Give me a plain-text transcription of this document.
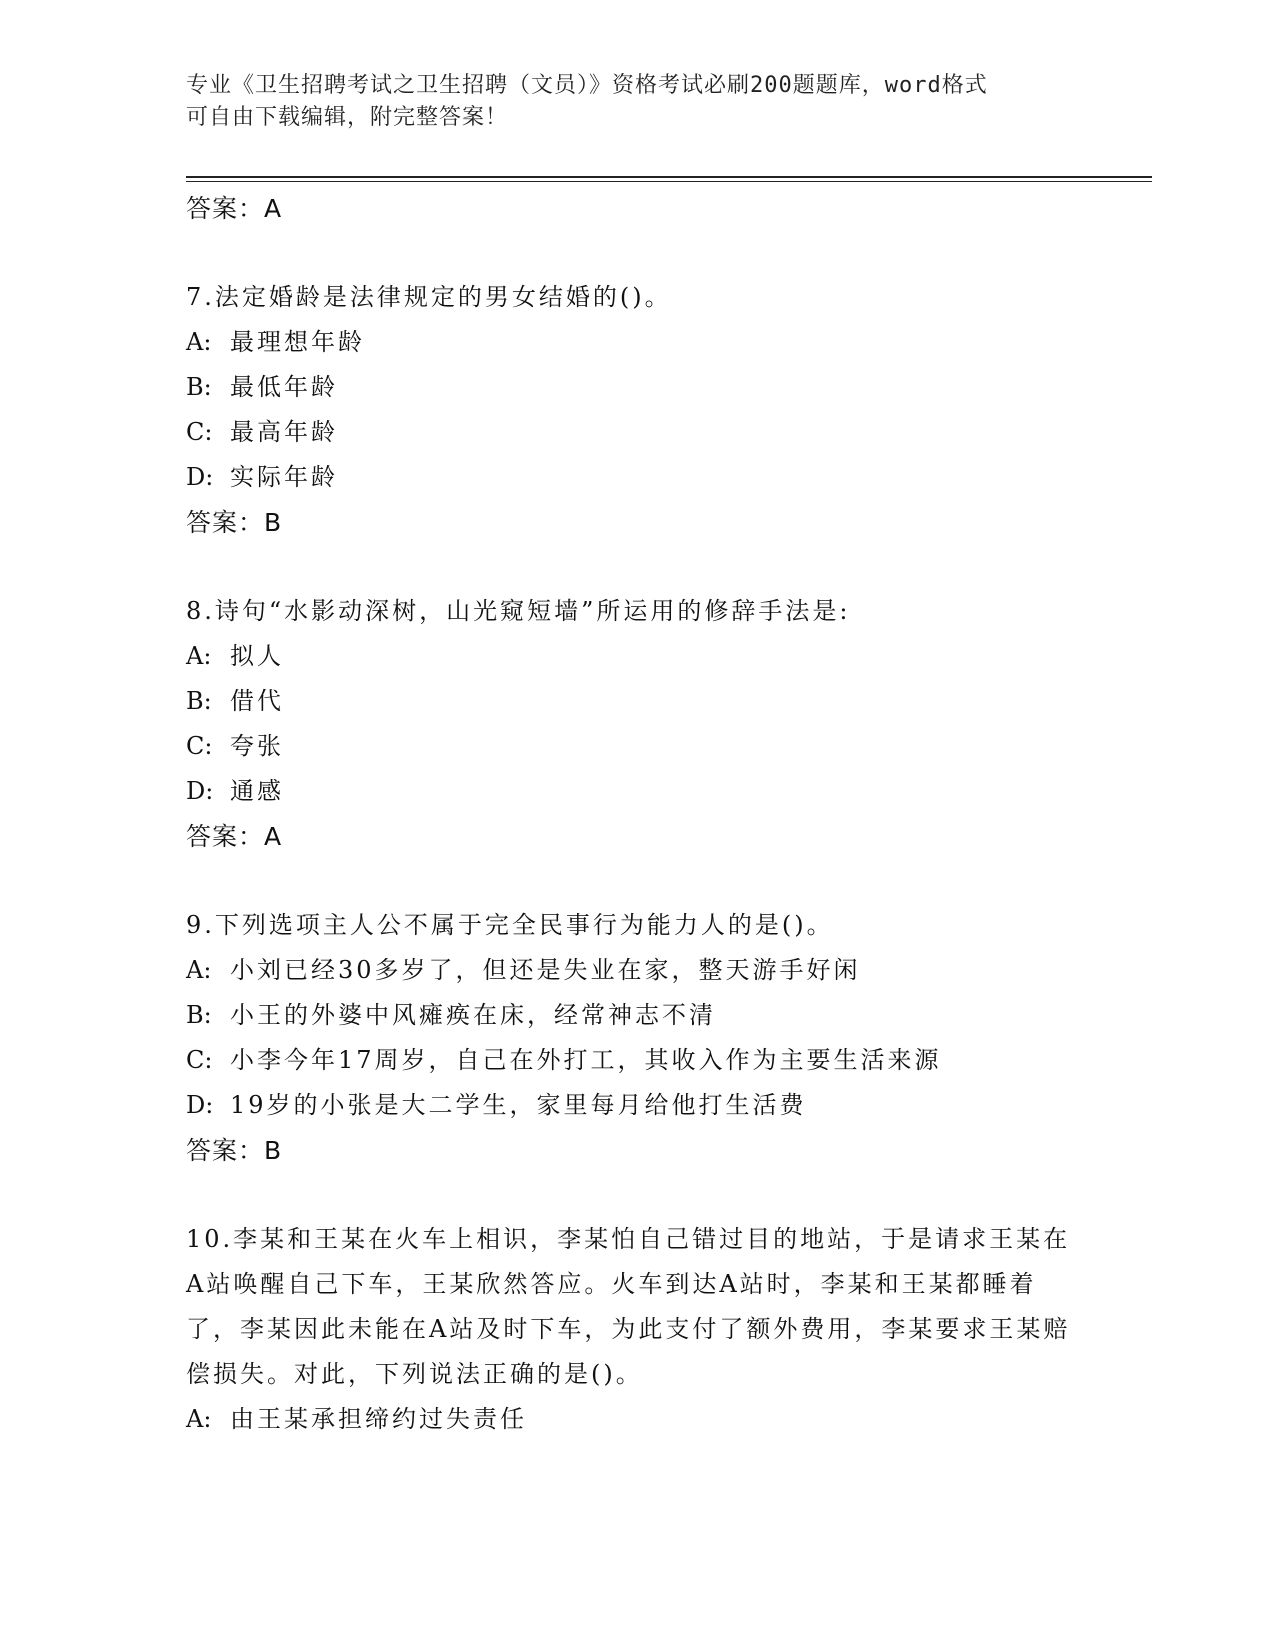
专业《卫生招聘考试之卫生招聘（文员）》资格考试必刷200题题库，word格式
可自由下载编辑，附完整答案！

答案：A

7.法定婚龄是法律规定的男女结婚的()。

A: 最理想年龄

B: 最低年龄

C: 最高年龄

D: 实际年龄

答案：B

8.诗句“水影动深树，山光窥短墙”所运用的修辞手法是:

A: 拟人

B: 借代

C: 夸张

D: 通感

答案：A

9.下列选项主人公不属于完全民事行为能力人的是()。

A: 小刘已经30多岁了，但还是失业在家，整天游手好闲

B: 小王的外婆中风瘫痪在床，经常神志不清

C: 小李今年17周岁，自己在外打工，其收入作为主要生活来源

D: 19岁的小张是大二学生，家里每月给他打生活费

答案：B

10.李某和王某在火车上相识，李某怕自己错过目的地站，于是请求王某在A站唤醒自己下车，王某欣然答应。火车到达A站时，李某和王某都睡着了，李某因此未能在A站及时下车，为此支付了额外费用，李某要求王某赔偿损失。对此，下列说法正确的是()。

A: 由王某承担缔约过失责任
